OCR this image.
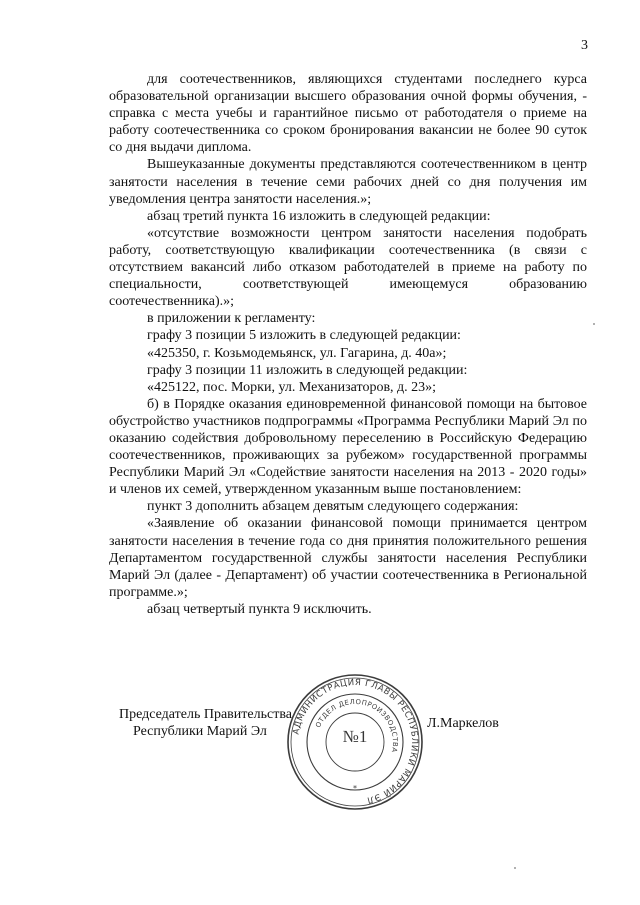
3

для соотечественников, являющихся студентами последнего курса образовательной организации высшего образования очной формы обучения, - справка с места учебы и гарантийное письмо от работодателя о приеме на работу соотечественника со сроком бронирования вакансии не более 90 суток со дня выдачи диплома.

Вышеуказанные документы представляются соотечественником в центр занятости населения в течение семи рабочих дней со дня получения им уведомления центра занятости населения.»;

абзац третий пункта 16 изложить в следующей редакции:

«отсутствие возможности центром занятости населения подобрать работу, соответствующую квалификации соотечественника (в связи с отсутствием вакансий либо отказом работодателей в приеме на работу по специальности, соответствующей имеющемуся образованию соотечественника).»;

в приложении к регламенту:

графу 3 позиции 5 изложить в следующей редакции:

«425350, г. Козьмодемьянск, ул. Гагарина, д. 40а»;

графу 3 позиции 11 изложить в следующей редакции:

«425122, пос. Морки, ул. Механизаторов, д. 23»;

б) в Порядке оказания единовременной финансовой помощи на бытовое обустройство участников подпрограммы «Программа Республики Марий Эл по оказанию содействия добровольному переселению в Российскую Федерацию соотечественников, проживающих за рубежом» государственной программы Республики Марий Эл «Содействие занятости населения на 2013 - 2020 годы» и членов их семей, утвержденном указанным выше постановлением:

пункт 3 дополнить абзацем девятым следующего содержания:

«Заявление об оказании финансовой помощи принимается центром занятости населения в течение года со дня принятия положительного решения Департаментом государственной службы занятости населения Республики Марий Эл (далее - Департамент) об участии соотечественника в Региональной программе.»;

абзац четвертый пункта 9 исключить.

АДМИНИСТРАЦИЯ ГЛАВЫ РЕСПУБЛИКИ МАРИЙ ЭЛ
ОТДЕЛ ДЕЛОПРОИЗВОДСТВА
*
№1
Председатель Правительства
Республики Марий Эл
Л.Маркелов
